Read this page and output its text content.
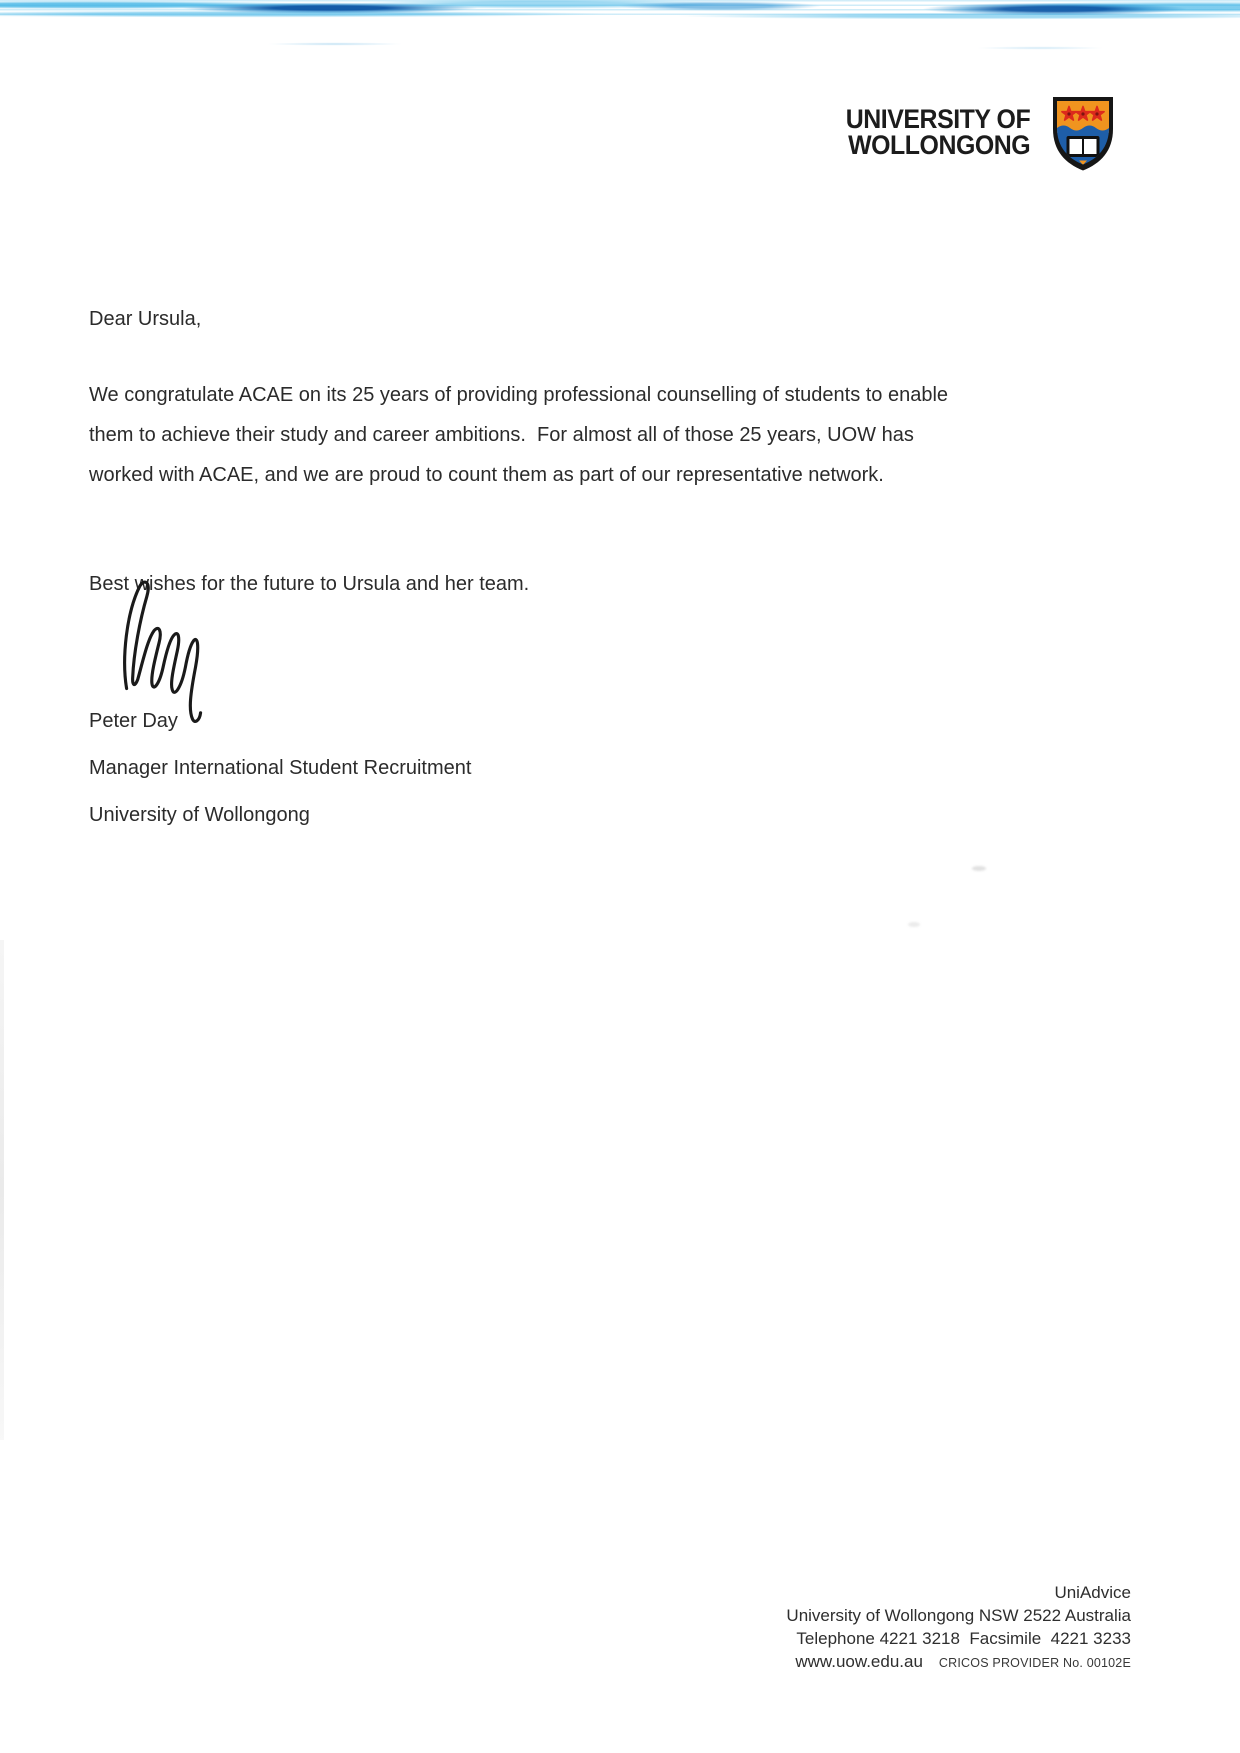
UNIVERSITY OF
WOLLONGONG

Dear Ursula,

We congratulate ACAE on its 25 years of providing professional counselling of students to enable
them to achieve their study and career ambitions.  For almost all of those 25 years, UOW has
worked with ACAE, and we are proud to count them as part of our representative network.

Best wishes for the future to Ursula and her team.

Peter Day

Manager International Student Recruitment

University of Wollongong

UniAdvice
University of Wollongong NSW 2522 Australia
Telephone 4221 3218  Facsimile  4221 3233
www.uow.edu.au CRICOS PROVIDER No. 00102E
